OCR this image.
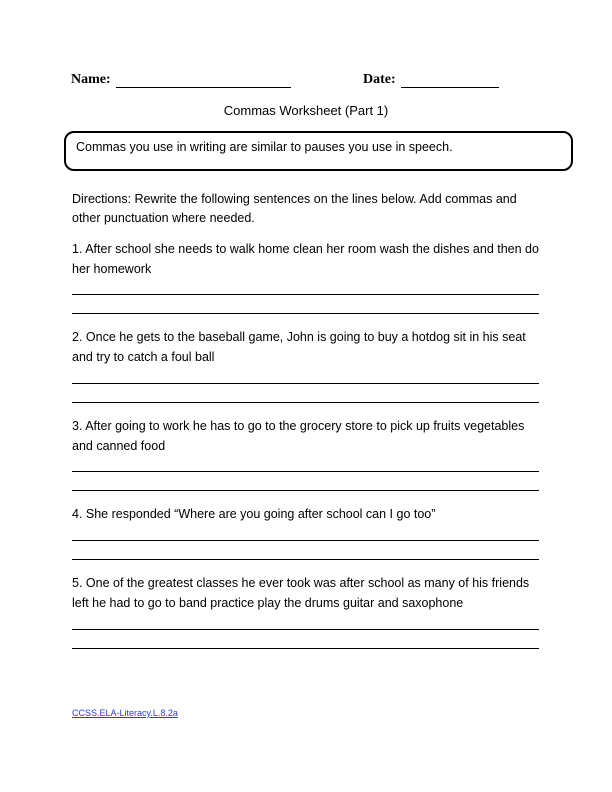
Name:	Date:
Commas Worksheet (Part 1)
Commas you use in writing are similar to pauses you use in speech.
Directions: Rewrite the following sentences on the lines below. Add commas and other punctuation where needed.
1. After school she needs to walk home clean her room wash the dishes and then do her homework
2. Once he gets to the baseball game, John is going to buy a hotdog sit in his seat and try to catch a foul ball
3. After going to work he has to go to the grocery store to pick up fruits vegetables and canned food
4. She responded “Where are you going after school can I go too”
5. One of the greatest classes he ever took was after school as many of his friends left he had to go to band practice play the drums guitar and saxophone
CCSS.ELA-Literacy.L.8.2a
